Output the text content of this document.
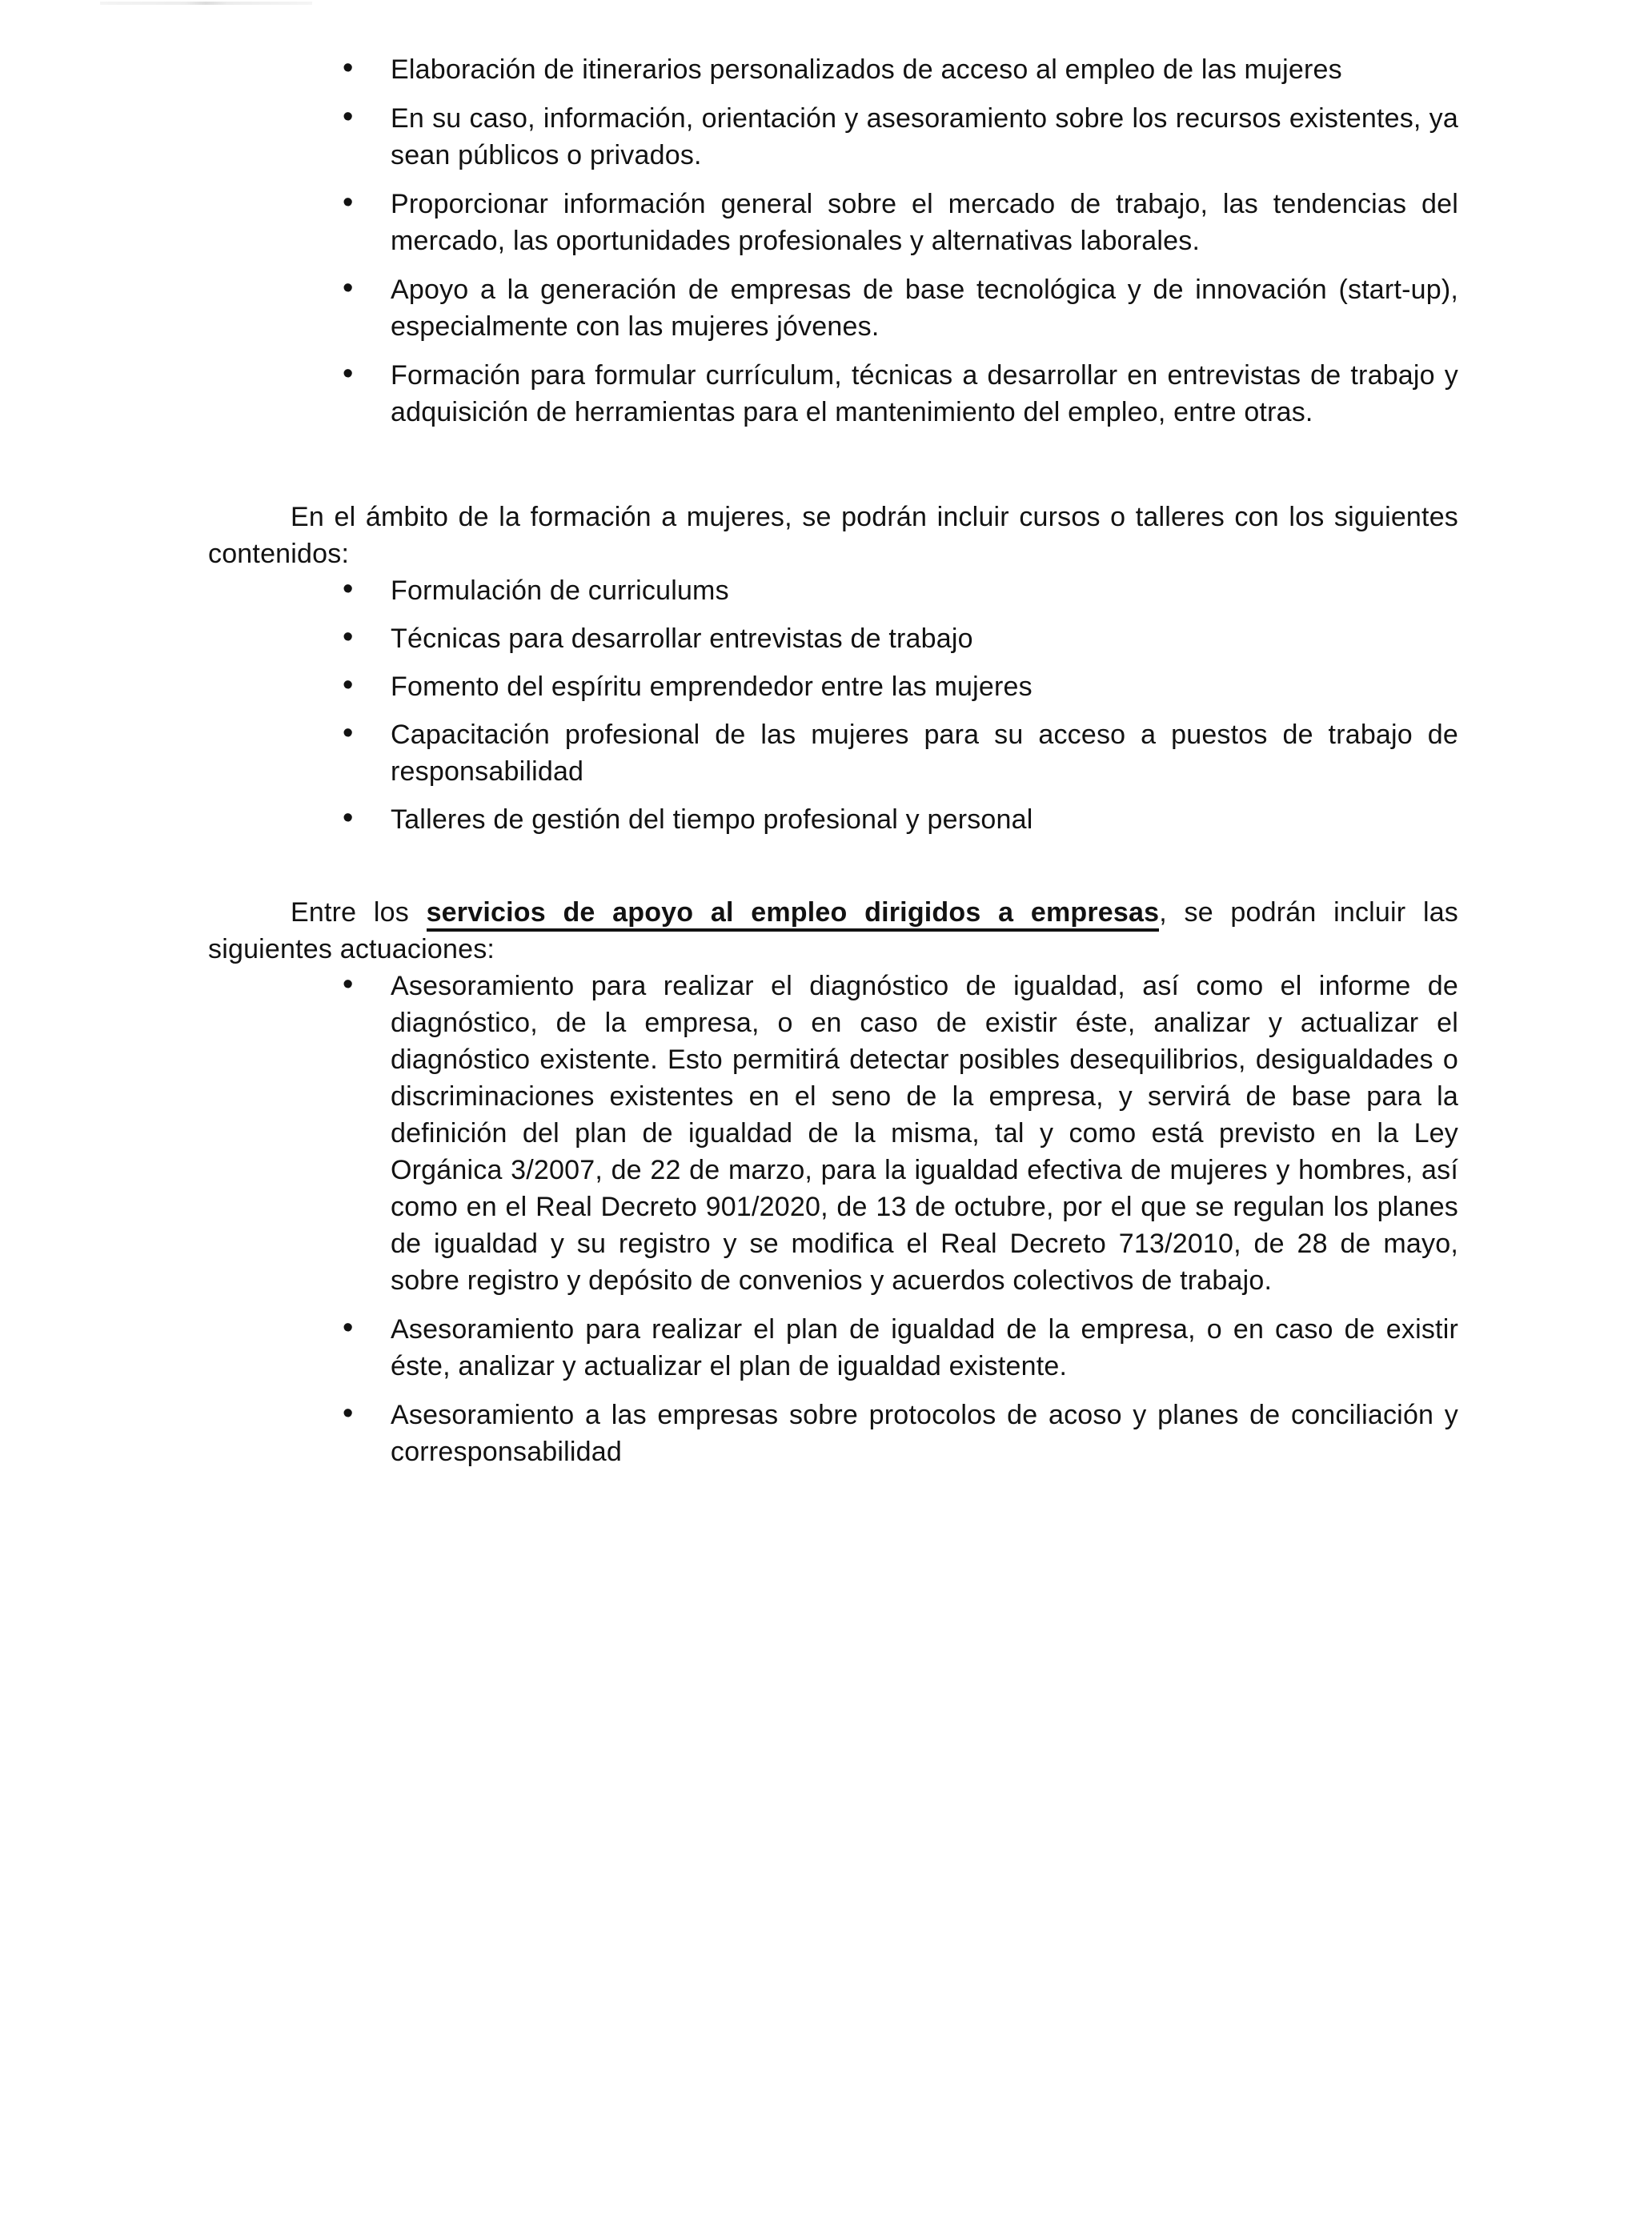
• Elaboración de itinerarios personalizados de acceso al empleo de las mujeres
• En su caso, información, orientación y asesoramiento sobre los recursos existentes, ya sean públicos o privados.
• Proporcionar información general sobre el mercado de trabajo, las tendencias del mercado, las oportunidades profesionales y alternativas laborales.
• Apoyo a la generación de empresas de base tecnológica y de innovación (start-up), especialmente con las mujeres jóvenes.
• Formación para formular currículum, técnicas a desarrollar en entrevistas de trabajo y adquisición de herramientas para el mantenimiento del empleo, entre otras.

En el ámbito de la formación a mujeres, se podrán incluir cursos o talleres con los siguientes contenidos:

• Formulación de curriculums
• Técnicas para desarrollar entrevistas de trabajo
• Fomento del espíritu emprendedor entre las mujeres
• Capacitación profesional de las mujeres para su acceso a puestos de trabajo de responsabilidad
• Talleres de gestión del tiempo profesional y personal

Entre los servicios de apoyo al empleo dirigidos a empresas, se podrán incluir las siguientes actuaciones:

• Asesoramiento para realizar el diagnóstico de igualdad, así como el informe de diagnóstico, de la empresa, o en caso de existir éste, analizar y actualizar el diagnóstico existente. Esto permitirá detectar posibles desequilibrios, desigualdades o discriminaciones existentes en el seno de la empresa, y servirá de base para la definición del plan de igualdad de la misma, tal y como está previsto en la Ley Orgánica 3/2007, de 22 de marzo, para la igualdad efectiva de mujeres y hombres, así como en el Real Decreto 901/2020, de 13 de octubre, por el que se regulan los planes de igualdad y su registro y se modifica el Real Decreto 713/2010, de 28 de mayo, sobre registro y depósito de convenios y acuerdos colectivos de trabajo.
• Asesoramiento para realizar el plan de igualdad de la empresa, o en caso de existir éste, analizar y actualizar el plan de igualdad existente.
• Asesoramiento a las empresas sobre protocolos de acoso y planes de conciliación y corresponsabilidad
